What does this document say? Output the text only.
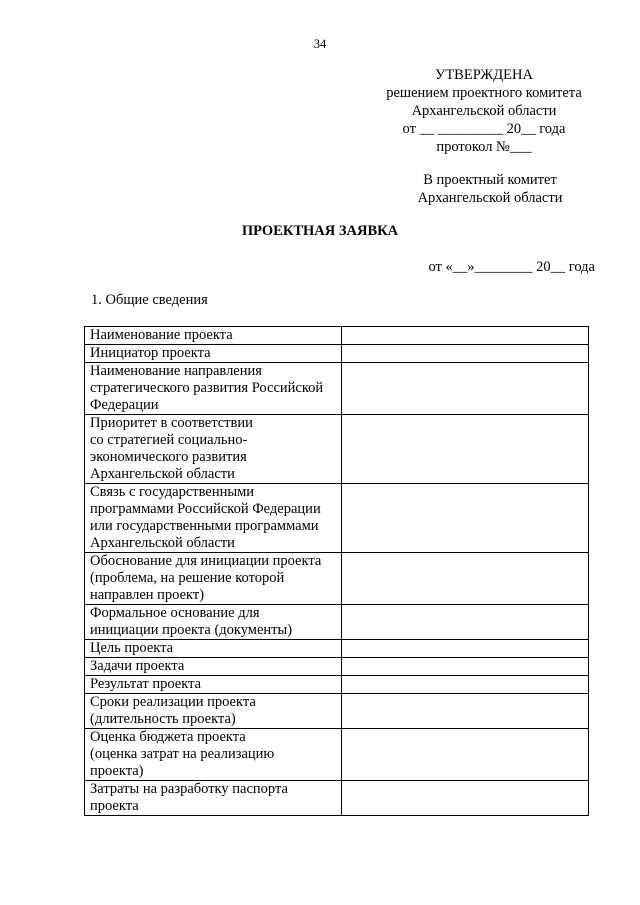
34
УТВЕРЖДЕНА
решением проектного комитета
Архангельской области
от __ _________ 20__ года
протокол №___
В проектный комитет
Архангельской области
ПРОЕКТНАЯ ЗАЯВКА
от «__»________ 20__ года
1. Общие сведения
Наименование проекта	

Инициатор проекта	

Наименование направления
стратегического развития Российской
Федерации	

Приоритет в соответствии
со стратегией социально-
экономического развития
Архангельской области	

Связь с государственными
программами Российской Федерации
или государственными программами
Архангельской области	

Обоснование для инициации проекта
(проблема, на решение которой
направлен проект)	

Формальное основание для
инициации проекта (документы)	

Цель проекта	

Задачи проекта	

Результат проекта	

Сроки реализации проекта
(длительность проекта)	

Оценка бюджета проекта
(оценка затрат на реализацию
проекта)	

Затраты на разработку паспорта
проекта	
